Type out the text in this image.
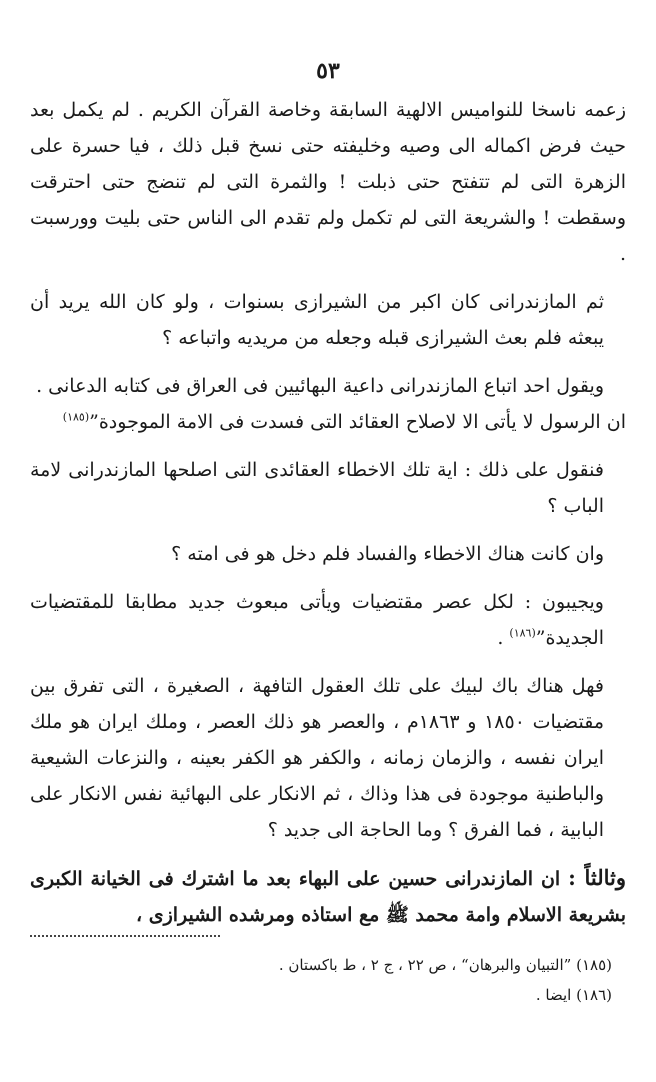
٥٣

زعمه ناسخا للنواميس الالهية السابقة وخاصة القرآن الكريم . لم يكمل بعد حيث فرض اكماله الى وصيه وخليفته حتى نسخ قبل ذلك ، فيا حسرة على الزهرة التى لم تتفتح حتى ذبلت ! والثمرة التى لم تنضج حتى احترقت وسقطت ! والشريعة التى لم تكمل ولم تقدم الى الناس حتى بليت وورسبت .

ثم المازندرانى كان اكبر من الشيرازى بسنوات ، ولو كان الله يريد أن يبعثه فلم بعث الشيرازى قبله وجعله من مريديه واتباعه ؟

ويقول احد اتباع المازندرانى داعية البهائيين فى العراق فى كتابه الدعانى .

ان الرسول لا يأتى الا لاصلاح العقائد التى فسدت فى الامة الموجودة”$^{(١٨٥)}$

فنقول على ذلك : اية تلك الاخطاء العقائدى التى اصلحها المازندرانى لامة الباب ؟

وان كانت هناك الاخطاء والفساد فلم دخل هو فى امته ؟

ويجيبون : لكل عصر مقتضيات ويأتى مبعوث جديد مطابقا للمقتضيات الجديدة”$^{(١٨٦)}$ .

فهل هناك باك لبيك على تلك العقول التافهة ، الصغيرة ، التى تفرق بين مقتضيات ١٨٥٠ و ١٨٦٣م ، والعصر هو ذلك العصر ، وملك ايران هو ملك ايران نفسه ، والزمان زمانه ، والكفر هو الكفر بعينه ، والنزعات الشيعية والباطنية موجودة فى هذا وذاك ، ثم الانكار على البهائية نفس الانكار على البابية ، فما الفرق ؟ وما الحاجة الى جديد ؟

وثالثاً : ان المازندرانى حسين على البهاء بعد ما اشترك فى الخيانة الكبرى بشريعة الاسلام وامة محمد ﷺ مع استاذه ومرشده الشيرازى ،

(١٨٥) ”التبيان والبرهان“ ، ص ٢٢ ، ج ٢ ، ط باكستان .

(١٨٦) ايضا .
